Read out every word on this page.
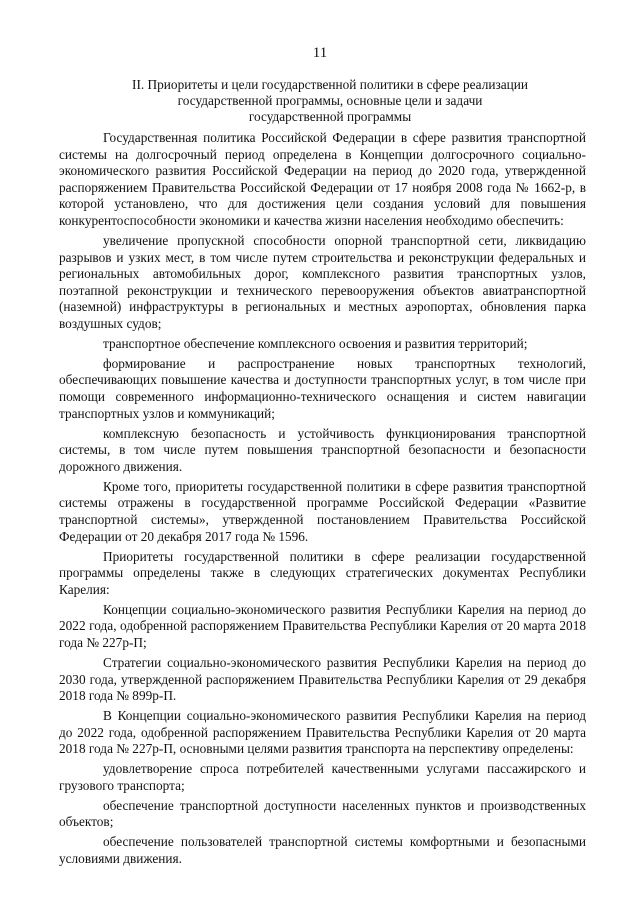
11
II. Приоритеты и цели государственной политики в сфере реализации
государственной программы, основные цели и задачи
государственной программы

Государственная политика Российской Федерации в сфере развития транспортной системы на долгосрочный период определена в Концепции долгосрочного социально-экономического развития Российской Федерации на период до 2020 года, утвержденной распоряжением Правительства Российской Федерации от 17 ноября 2008 года № 1662-р, в которой установлено, что для достижения цели создания условий для повышения конкурентоспособности экономики и качества жизни населения необходимо обеспечить:

увеличение пропускной способности опорной транспортной сети, ликвидацию разрывов и узких мест, в том числе путем строительства и реконструкции федеральных и региональных автомобильных дорог, комплексного развития транспортных узлов, поэтапной реконструкции и технического перевооружения объектов авиатранспортной (наземной) инфраструктуры в региональных и местных аэропортах, обновления парка воздушных судов;

транспортное обеспечение комплексного освоения и развития территорий;

формирование и распространение новых транспортных технологий, обеспечивающих повышение качества и доступности транспортных услуг, в том числе при помощи современного информационно-технического оснащения и систем навигации транспортных узлов и коммуникаций;

комплексную безопасность и устойчивость функционирования транспортной системы, в том числе путем повышения транспортной безопасности и безопасности дорожного движения.

Кроме того, приоритеты государственной политики в сфере развития транспортной системы отражены в государственной программе Российской Федерации «Развитие транспортной системы», утвержденной постановлением Правительства Российской Федерации от 20 декабря 2017 года № 1596.

Приоритеты государственной политики в сфере реализации государственной программы определены также в следующих стратегических документах Республики Карелия:

Концепции социально-экономического развития Республики Карелия на период до 2022 года, одобренной распоряжением Правительства Республики Карелия от 20 марта 2018 года № 227р-П;

Стратегии социально-экономического развития Республики Карелия на период до 2030 года, утвержденной распоряжением Правительства Республики Карелия от 29 декабря 2018 года № 899р-П.

В Концепции социально-экономического развития Республики Карелия на период до 2022 года, одобренной распоряжением Правительства Республики Карелия от 20 марта 2018 года № 227р-П, основными целями развития транспорта на перспективу определены:

удовлетворение спроса потребителей качественными услугами пассажирского и грузового транспорта;

обеспечение транспортной доступности населенных пунктов и производственных объектов;

обеспечение пользователей транспортной системы комфортными и безопасными условиями движения.
